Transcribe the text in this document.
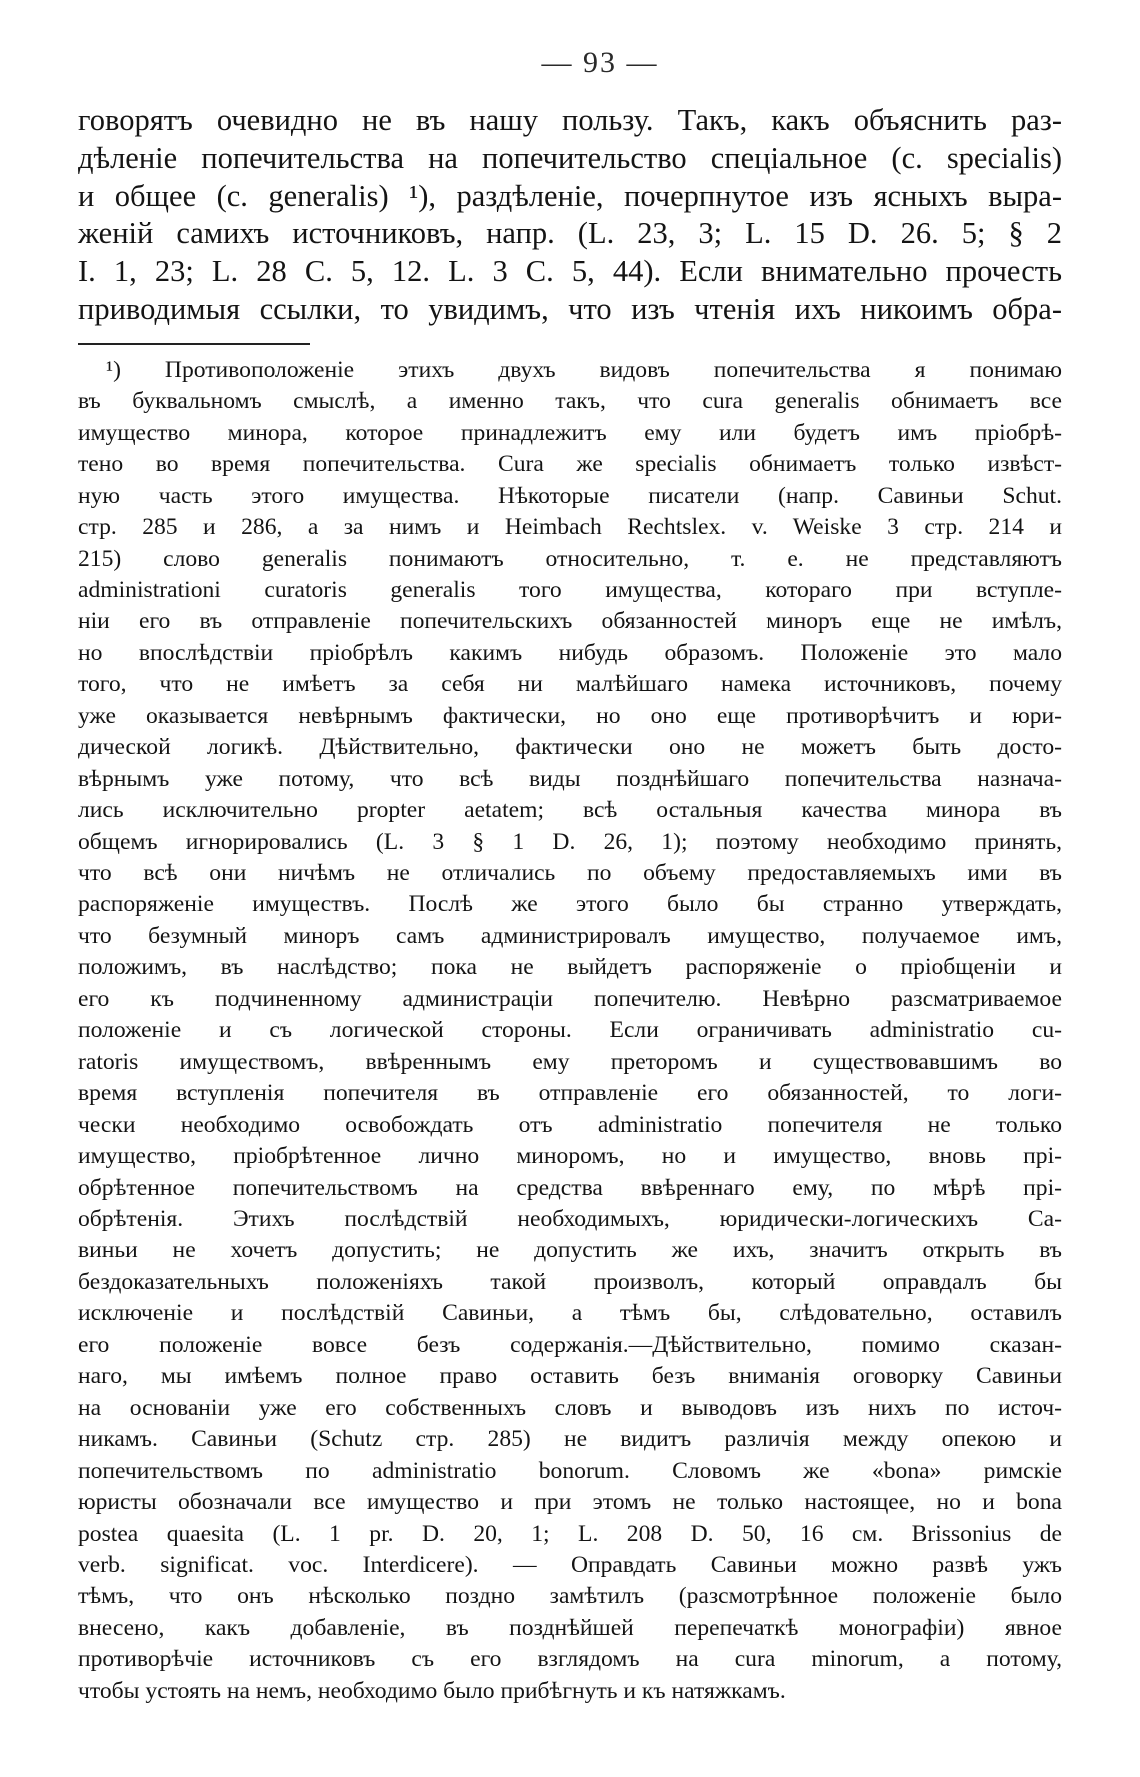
— 93 —
говорятъ очевидно не въ нашу пользу. Такъ, какъ объяснить раз-
дѣленіе попечительства на попечительство спеціальное (c. specialis)
и общее (c. generalis) ¹), раздѣленіе, почерпнутое изъ ясныхъ выра-
женій самихъ источниковъ, напр. (L. 23, 3; L. 15 D. 26. 5; § 2
I. 1, 23; L. 28 C. 5, 12. L. 3 C. 5, 44). Если внимательно прочесть
приводимыя ссылки, то увидимъ, что изъ чтенія ихъ никоимъ обра-
¹) Противоположеніе этихъ двухъ видовъ попечительства я понимаю
въ буквальномъ смыслѣ, а именно такъ, что cura generalis обнимаетъ все
имущество минора, которое принадлежитъ ему или будетъ имъ пріобрѣ-
тено во время попечительства. Cura же specialis обнимаетъ только извѣст-
ную часть этого имущества. Нѣкоторые писатели (напр. Савиньи Schut.
стр. 285 и 286, а за нимъ и Heimbach Rechtslex. v. Weiske 3 стр. 214 и
215) слово generalis понимаютъ относительно, т. е. не представляютъ
administrationi curatoris generalis того имущества, котораго при вступле-
ніи его въ отправленіе попечительскихъ обязанностей миноръ еще не имѣлъ,
но впослѣдствіи пріобрѣлъ какимъ нибудь образомъ. Положеніе это мало
того, что не имѣетъ за себя ни малѣйшаго намека источниковъ, почему
уже оказывается невѣрнымъ фактически, но оно еще противорѣчитъ и юри-
дической логикѣ. Дѣйствительно, фактически оно не можетъ быть досто-
вѣрнымъ уже потому, что всѣ виды позднѣйшаго попечительства назнача-
лись исключительно propter aetatem; всѣ остальныя качества минора въ
общемъ игнорировались (L. 3 § 1 D. 26, 1); поэтому необходимо принять,
что всѣ они ничѣмъ не отличались по объему предоставляемыхъ ими въ
распоряженіе имуществъ. Послѣ же этого было бы странно утверждать,
что безумный миноръ самъ администрировалъ имущество, получаемое имъ,
положимъ, въ наслѣдство; пока не выйдетъ распоряженіе о пріобщеніи и
его къ подчиненному администраціи попечителю. Невѣрно разсматриваемое
положеніе и съ логической стороны. Если ограничивать administratio cu-
ratoris имуществомъ, ввѣреннымъ ему преторомъ и существовавшимъ во
время вступленія попечителя въ отправленіе его обязанностей, то логи-
чески необходимо освобождать отъ administratio попечителя не только
имущество, пріобрѣтенное лично миноромъ, но и имущество, вновь прі-
обрѣтенное попечительствомъ на средства ввѣреннаго ему, по мѣрѣ прі-
обрѣтенія. Этихъ послѣдствій необходимыхъ, юридически-логическихъ Са-
виньи не хочетъ допустить; не допустить же ихъ, значитъ открыть въ
бездоказательныхъ положеніяхъ такой произволъ, который оправдалъ бы
исключеніе и послѣдствій Савиньи, а тѣмъ бы, слѣдовательно, оставилъ
его положеніе вовсе безъ содержанія.—Дѣйствительно, помимо сказан-
наго, мы имѣемъ полное право оставить безъ вниманія оговорку Савиньи
на основаніи уже его собственныхъ словъ и выводовъ изъ нихъ по источ-
никамъ. Савиньи (Schutz стр. 285) не видитъ различія между опекою и
попечительствомъ по administratio bonorum. Словомъ же «bona» римскіе
юристы обозначали все имущество и при этомъ не только настоящее, но и bona
postea quaesita (L. 1 pr. D. 20, 1; L. 208 D. 50, 16 см. Brissonius de
verb. significat. voc. Interdicere). — Оправдать Савиньи можно развѣ ужъ
тѣмъ, что онъ нѣсколько поздно замѣтилъ (разсмотрѣнное положеніе было
внесено, какъ добавленіе, въ позднѣйшей перепечаткѣ монографіи) явное
противорѣчіе источниковъ съ его взглядомъ на cura minorum, а потому,
чтобы устоять на немъ, необходимо было прибѣгнуть и къ натяжкамъ.
